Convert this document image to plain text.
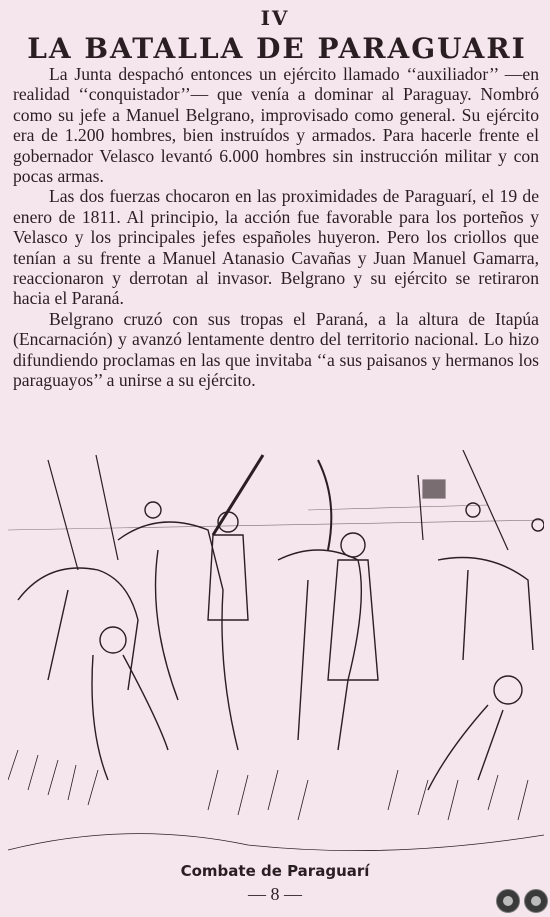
IV
LA BATALLA DE PARAGUARI

La Junta despachó entonces un ejército llamado ‘‘auxiliador’’ —en realidad ‘‘conquistador’’— que venía a dominar al Paraguay. Nombró como su jefe a Manuel Belgrano, improvisado como general. Su ejército era de 1.200 hombres, bien instruídos y armados. Para hacerle frente el gobernador Velasco levantó 6.000 hombres sin instrucción militar y con pocas armas.

Las dos fuerzas chocaron en las proximidades de Paraguarí, el 19 de enero de 1811. Al principio, la acción fue favorable para los porteños y Velasco y los principales jefes españoles huyeron. Pero los criollos que tenían a su frente a Manuel Atanasio Cavañas y Juan Manuel Gamarra, reaccionaron y derrotan al invasor. Belgrano y su ejército se retiraron hacia el Paraná.

Belgrano cruzó con sus tropas el Paraná, a la altura de Itapúa (Encarnación) y avanzó lentamente dentro del territorio nacional. Lo hizo difundiendo proclamas en las que invitaba ‘‘a sus paisanos y hermanos los paraguayos’’ a unirse a su ejército.

Combate de Paraguarí
— 8 —
